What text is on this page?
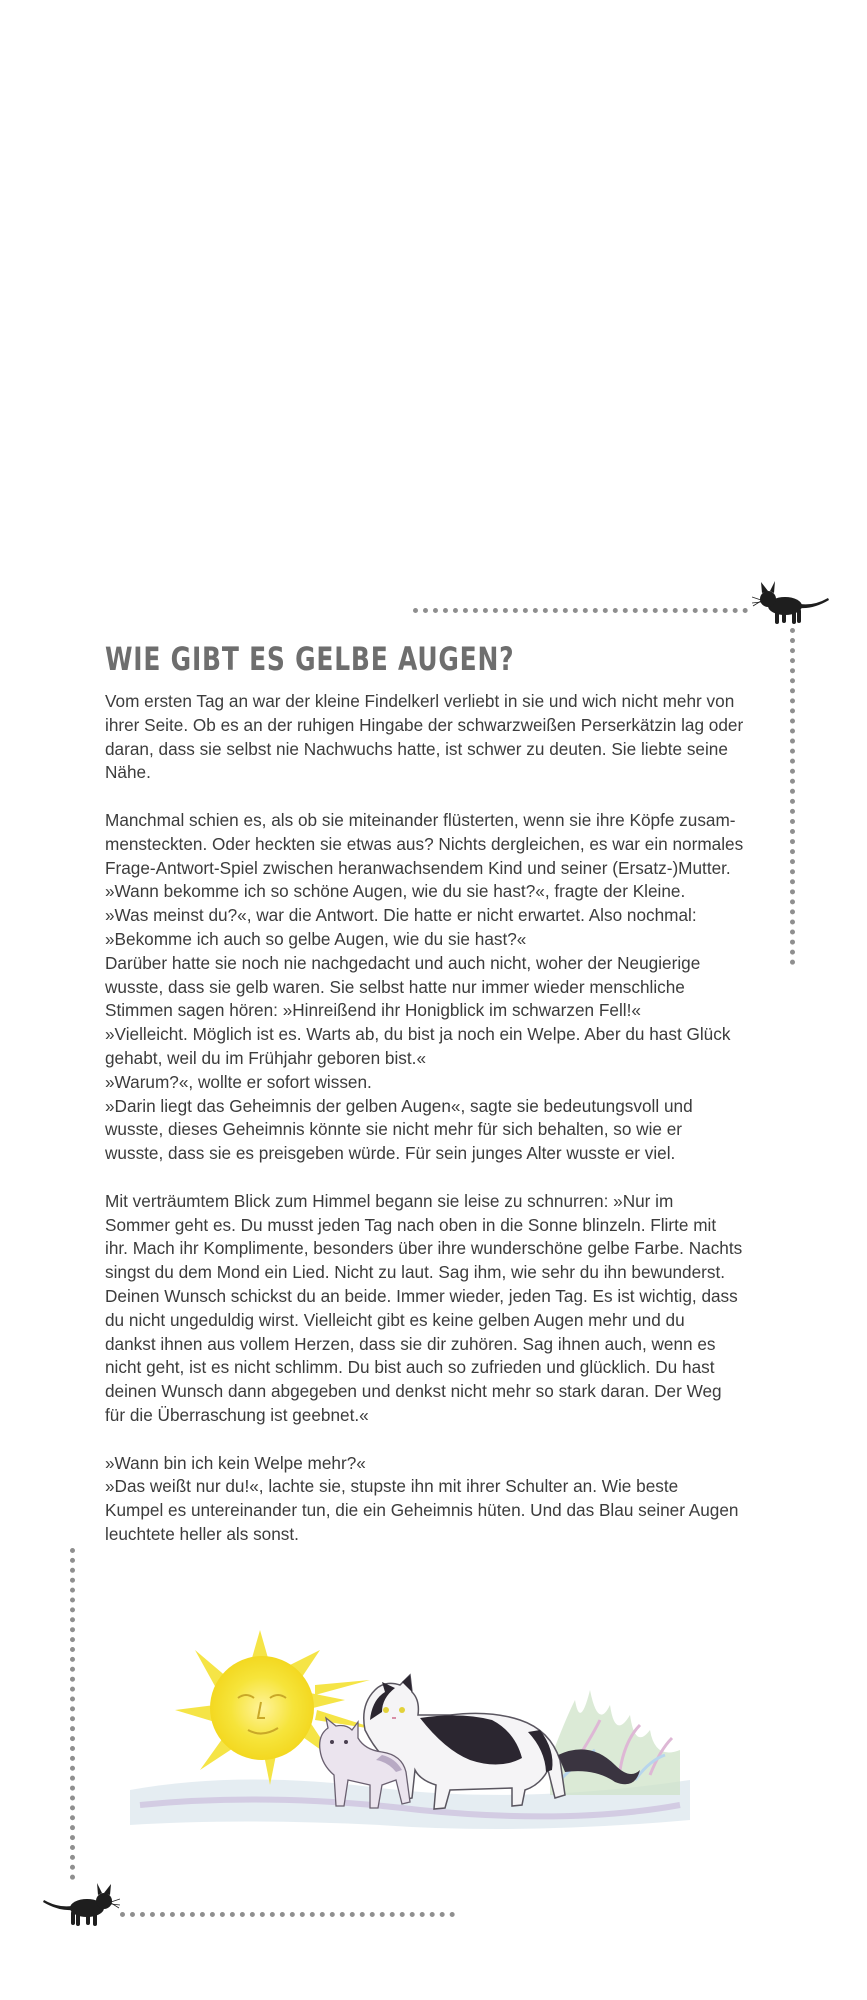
WIE GIBT ES GELBE AUGEN?
Vom ersten Tag an war der kleine Findelkerl verliebt in sie und wich nicht mehr von
ihrer Seite. Ob es an der ruhigen Hingabe der schwarzweißen Perserkätzin lag oder
daran, dass sie selbst nie Nachwuchs hatte, ist schwer zu deuten. Sie liebte seine
Nähe.
Manchmal schien es, als ob sie miteinander flüsterten, wenn sie ihre Köpfe zusam-
mensteckten. Oder heckten sie etwas aus? Nichts dergleichen, es war ein normales
Frage-Antwort-Spiel zwischen heranwachsendem Kind und seiner (Ersatz-)Mutter.
»Wann bekomme ich so schöne Augen, wie du sie hast?«, fragte der Kleine.
»Was meinst du?«, war die Antwort. Die hatte er nicht erwartet. Also nochmal:
»Bekomme ich auch so gelbe Augen, wie du sie hast?«
Darüber hatte sie noch nie nachgedacht und auch nicht, woher der Neugierige
wusste, dass sie gelb waren. Sie selbst hatte nur immer wieder menschliche
Stimmen sagen hören: »Hinreißend ihr Honigblick im schwarzen Fell!«
»Vielleicht. Möglich ist es. Warts ab, du bist ja noch ein Welpe. Aber du hast Glück
gehabt, weil du im Frühjahr geboren bist.«
»Warum?«, wollte er sofort wissen.
»Darin liegt das Geheimnis der gelben Augen«, sagte sie bedeutungsvoll und
wusste, dieses Geheimnis könnte sie nicht mehr für sich behalten, so wie er
wusste, dass sie es preisgeben würde. Für sein junges Alter wusste er viel.
Mit verträumtem Blick zum Himmel begann sie leise zu schnurren: »Nur im
Sommer geht es. Du musst jeden Tag nach oben in die Sonne blinzeln. Flirte mit
ihr. Mach ihr Komplimente, besonders über ihre wunderschöne gelbe Farbe. Nachts
singst du dem Mond ein Lied. Nicht zu laut. Sag ihm, wie sehr du ihn bewunderst.
Deinen Wunsch schickst du an beide. Immer wieder, jeden Tag. Es ist wichtig, dass
du nicht ungeduldig wirst. Vielleicht gibt es keine gelben Augen mehr und du
dankst ihnen aus vollem Herzen, dass sie dir zuhören. Sag ihnen auch, wenn es
nicht geht, ist es nicht schlimm. Du bist auch so zufrieden und glücklich. Du hast
deinen Wunsch dann abgegeben und denkst nicht mehr so stark daran. Der Weg
für die Überraschung ist geebnet.«
»Wann bin ich kein Welpe mehr?«
»Das weißt nur du!«, lachte sie, stupste ihn mit ihrer Schulter an. Wie beste
Kumpel es untereinander tun, die ein Geheimnis hüten. Und das Blau seiner Augen
leuchtete heller als sonst.
